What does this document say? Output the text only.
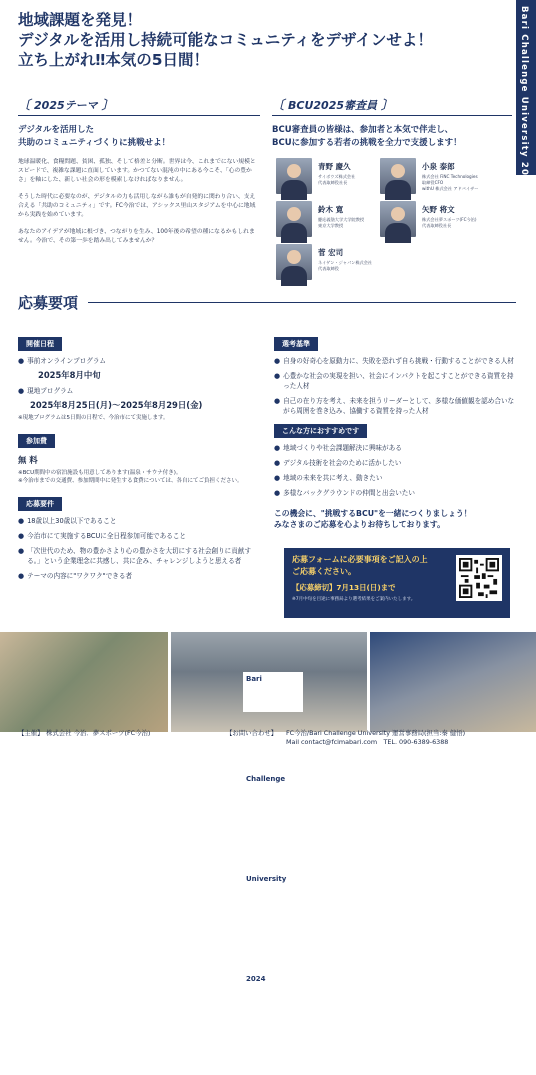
Bari Challenge University 2025
地域課題を発見！
デジタルを活用し持続可能なコミュニティをデザインせよ！
立ち上がれ‼本気の5日間！
〔 2025テーマ 〕
デジタルを活用した
共助のコミュニティづくりに挑戦せよ！

地球温暖化、食糧問題、貧困、孤独、そして格差と分断。世界は今、これまでにない規模とスピードで、複雑な課題に直面しています。かつてない混沌の中にある今こそ、「心の豊かさ」を軸にした、新しい社会の形を模索しなければなりません。

そうした時代に必要なのが、デジタルの力も活用しながら誰もが自発的に関わり合い、支え合える「共助のコミュニティ」です。FC今治では、アシックス里山スタジアムを中心に地域から実践を始めています。

あなたのアイデアが地域に根づき、つながりを生み、100年後の希望の種になるかもしれません。今治で、その第一歩を踏み出してみませんか？

〔 BCU2025審査員 〕
BCU審査員の皆様は、参加者と本気で伴走し、
BCUに参加する若者の挑戦を全力で支援します！
青野 慶久
サイボウズ株式会社
代表取締役社長
小泉 泰郎
株式会社 FiNC Technologies
取締役CFO
withU 株式会社 アドバイザー
鈴木 寛
慶応義塾大学大学院教授
東京大学教授
矢野 将文
株式会社夢スポーツ(FC今治)
代表取締役社長
菅 宏司
ネイゲン・ジャパン株式会社
代表取締役
応募要項
開催日程
● 事前オンラインプログラム
2025年8月中旬
● 現地プログラム
2025年8月25日(月)〜2025年8月29日(金)
※現地プログラムは5日間の日程で、今治市にて実施します。
参加費
無 料
※BCU期間中の宿泊施設も用意してあります(温泉・サウナ付き)。
※今治市までの交通費、参加期間中に発生する食費については、各自にてご負担ください。
応募要件
● 18歳以上30歳以下であること
● 今治市にて実施するBCUに全日程参加可能であること
● 「次世代のため、物の豊かさより心の豊かさを大切にする社会創りに貢献する。」という企業理念に共感し、共に企み、チャレンジしようと思える者
● テーマの内容に"ワクワク"できる者
選考基準
● 自身の好奇心を原動力に、失敗を恐れず自ら挑戦・行動することができる人材
● 心豊かな社会の実現を担い、社会にインパクトを起こすことができる資質を持った人材
● 自己の在り方を考え、未来を担うリーダーとして、多様な価値観を認め合いながら周囲を巻き込み、協働する資質を持った人材
こんな方におすすめです
● 地域づくりや社会課題解決に興味がある
● デジタル技術を社会のために活かしたい
● 地域の未来を共に考え、動きたい
● 多様なバックグラウンドの仲間と出会いたい
この機会に、"挑戦するBCU"を一緒につくりましょう！
みなさまのご応募を心よりお待ちしております。
応募フォームに必要事項をご記入の上
ご応募ください。
【応募締切】7月13日(日)まで
※7月中旬を目途に事務局より選考結果をご案内いたします。
Bari
Challenge
University
2024
【主催】 株式会社 今治．夢スポーツ(FC今治)	【お問い合わせ】	FC今治/Bari Challenge University 運営事務局(担当:秦 健悟)
Mail contact@fcimabari.com　TEL. 090-6389-6388
